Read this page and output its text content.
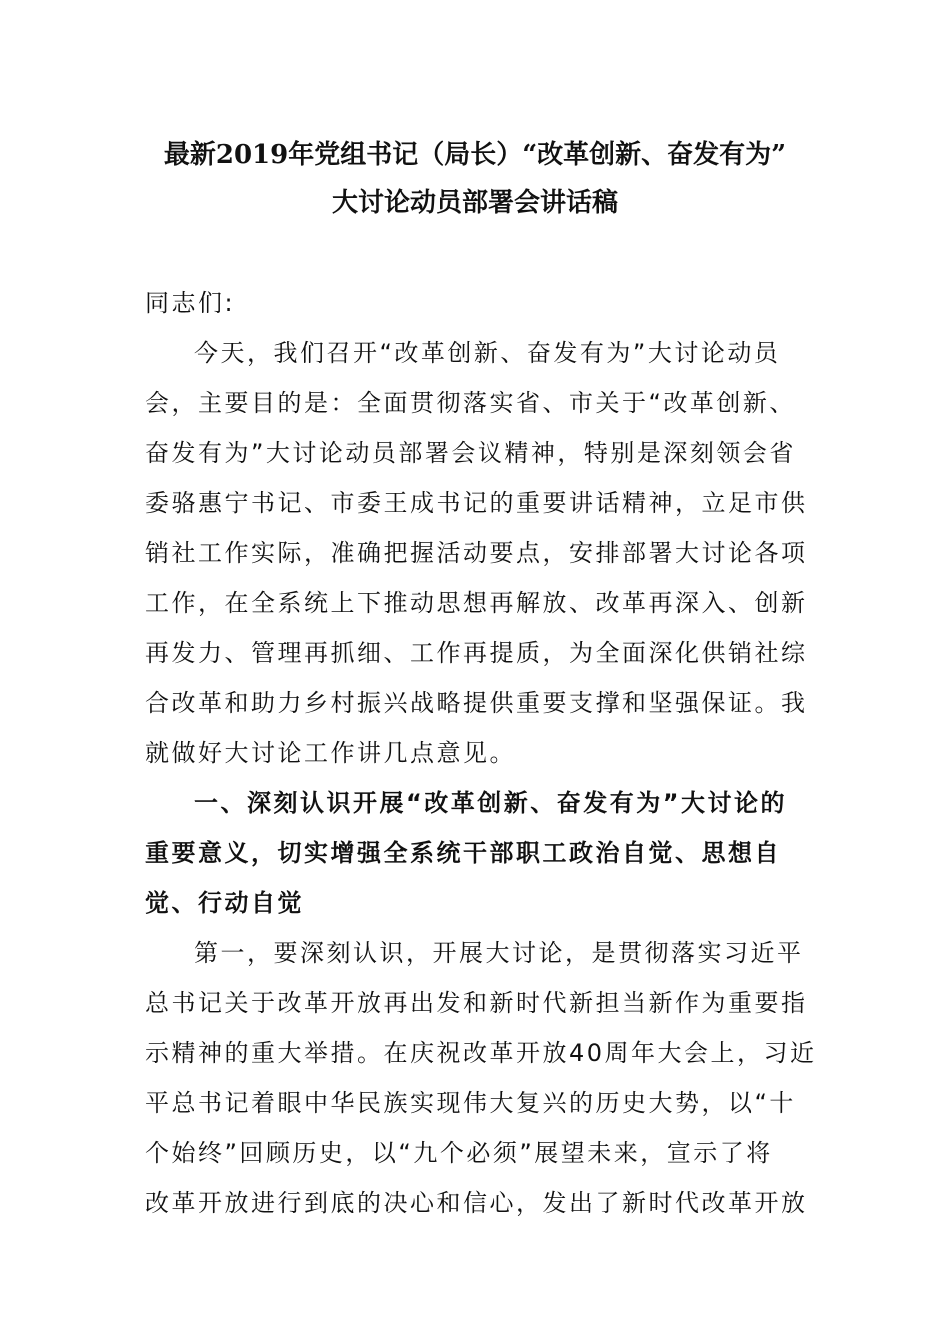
最新2019年党组书记（局长）“改革创新、奋发有为”
大讨论动员部署会讲话稿
同志们:
今天，我们召开“改革创新、奋发有为”大讨论动员
会，主要目的是：全面贯彻落实省、市关于“改革创新、
奋发有为”大讨论动员部署会议精神，特别是深刻领会省
委骆惠宁书记、市委王成书记的重要讲话精神，立足市供
销社工作实际，准确把握活动要点，安排部署大讨论各项
工作，在全系统上下推动思想再解放、改革再深入、创新
再发力、管理再抓细、工作再提质，为全面深化供销社综
合改革和助力乡村振兴战略提供重要支撑和坚强保证。我
就做好大讨论工作讲几点意见。
一、深刻认识开展“改革创新、奋发有为”大讨论的
重要意义，切实增强全系统干部职工政治自觉、思想自
觉、行动自觉
第一，要深刻认识，开展大讨论，是贯彻落实习近平
总书记关于改革开放再出发和新时代新担当新作为重要指
示精神的重大举措。在庆祝改革开放40周年大会上，习近
平总书记着眼中华民族实现伟大复兴的历史大势，以“十
个始终”回顾历史，以“九个必须”展望未来，宣示了将
改革开放进行到底的决心和信心，发出了新时代改革开放
